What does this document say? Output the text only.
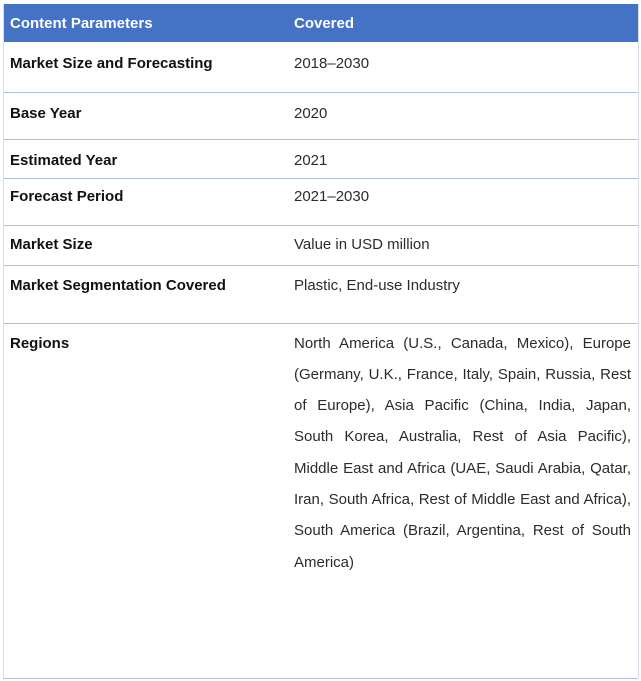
Content Parameters	Covered
Market Size and Forecasting	2018–2030
Base Year	2020
Estimated Year	2021
Forecast Period	2021–2030
Market Size	Value in USD million
Market Segmentation Covered	Plastic, End-use Industry
Regions	North America (U.S., Canada, Mexico), Europe (Germany, U.K., France, Italy, Spain, Russia, Rest of Europe), Asia Pacific (China, India, Japan, South Korea, Australia, Rest of Asia Pacific), Middle East and Africa (UAE, Saudi Arabia, Qatar, Iran, South Africa, Rest of Middle East and Africa), South America (Brazil, Argentina, Rest of South America)
